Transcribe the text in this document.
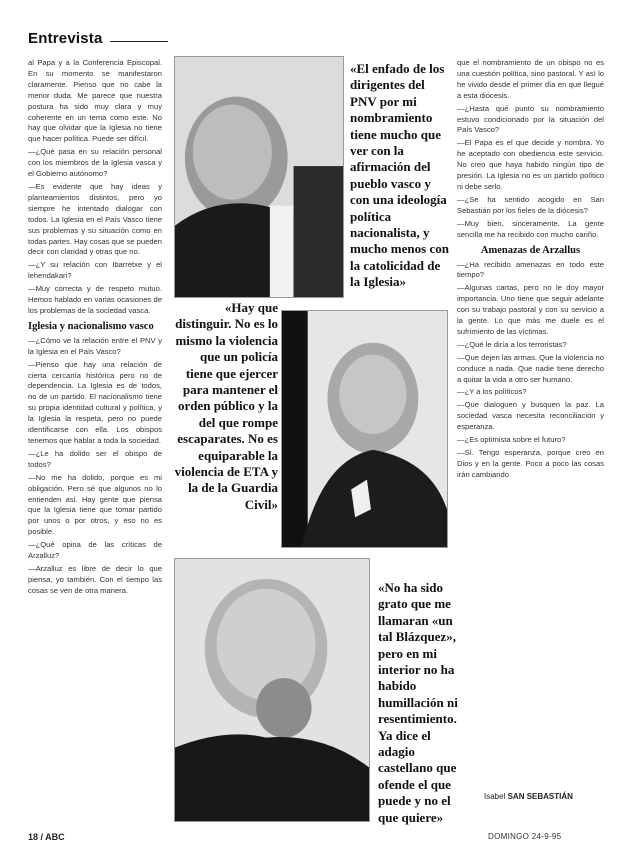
Entrevista

al Papa y a la Conferencia Episcopal. En su momento se manifestaron claramente. Pienso que no cabe la menor duda. Me parece que nuestra postura ha sido muy clara y muy coherente en un tema como este. No hay que olvidar que la Iglesia no tiene que hacer política. Puede ser difícil.

—¿Qué pasa en su relación personal con los miembros de la Iglesia vasca y el Gobierno autónomo?

—Es evidente que hay ideas y planteamientos distintos, pero yo siempre he intentado dialogar con todos. La Iglesia en el País Vasco tiene sus problemas y su situación como en todas partes. Hay cosas que se pueden decir con claridad y otras que no.

—¿Y su relación con Ibarretxe y el lehendakari?

—Muy correcta y de respeto mutuo. Hemos hablado en varias ocasiones de los problemas de la sociedad vasca.

Iglesia y nacionalismo vasco

—¿Cómo ve la relación entre el PNV y la Iglesia en el País Vasco?

—Pienso que hay una relación de cierta cercanía histórica pero no de dependencia. La Iglesia es de todos, no de un partido. El nacionalismo tiene su propia identidad cultural y política, y la Iglesia la respeta, pero no puede identificarse con ella. Los obispos tenemos que hablar a toda la sociedad.

—¿Le ha dolido ser el obispo de todos?

—No me ha dolido, porque es mi obligación. Pero sé que algunos no lo entienden así. Hay gente que piensa que la Iglesia tiene que tomar partido por unos o por otros, y eso no es posible.

—¿Qué opina de las críticas de Arzalluz?

—Arzalluz es libre de decir lo que piensa, yo también. Con el tiempo las cosas se ven de otra manera.

«El enfado de los dirigentes del PNV por mi nombramiento tiene mucho que ver con la afirmación del pueblo vasco y con una ideología política nacionalista, y mucho menos con la catolicidad de la Iglesia»
«Hay que distinguir. No es lo mismo la violencia que un policía tiene que ejercer para mantener el orden público y la del que rompe escaparates. No es equiparable la violencia de ETA y la de la Guardia Civil»
«No ha sido grato que me llamaran «un tal Blázquez», pero en mi interior no ha habido humillación ni resentimiento. Ya dice el adagio castellano que ofende el que puede y no el que quiere»

que el nombramiento de un obispo no es una cuestión política, sino pastoral. Y así lo he vivido desde el primer día en que llegué a esta diócesis.

—¿Hasta qué punto su nombramiento estuvo condicionado por la situación del País Vasco?

—El Papa es el que decide y nombra. Yo he aceptado con obediencia este servicio. No creo que haya habido ningún tipo de presión. La Iglesia no es un partido político ni debe serlo.

—¿Se ha sentido acogido en San Sebastián por los fieles de la diócesis?

—Muy bien, sinceramente. La gente sencilla me ha recibido con mucho cariño.

Amenazas de Arzallus

—¿Ha recibido amenazas en todo este tiempo?

—Algunas cartas, pero no le doy mayor importancia. Uno tiene que seguir adelante con su trabajo pastoral y con su servicio a la gente. Lo que más me duele es el sufrimiento de las víctimas.

—¿Qué le diría a los terroristas?

—Que dejen las armas. Que la violencia no conduce a nada. Que nadie tiene derecho a quitar la vida a otro ser humano.

—¿Y a los políticos?

—Que dialoguen y busquen la paz. La sociedad vasca necesita reconciliación y esperanza.

—¿Es optimista sobre el futuro?

—Sí. Tengo esperanza, porque creo en Dios y en la gente. Poco a poco las cosas irán cambiando.

Isabel SAN SEBASTIÁN
18 / ABC	DOMINGO 24-9-95
